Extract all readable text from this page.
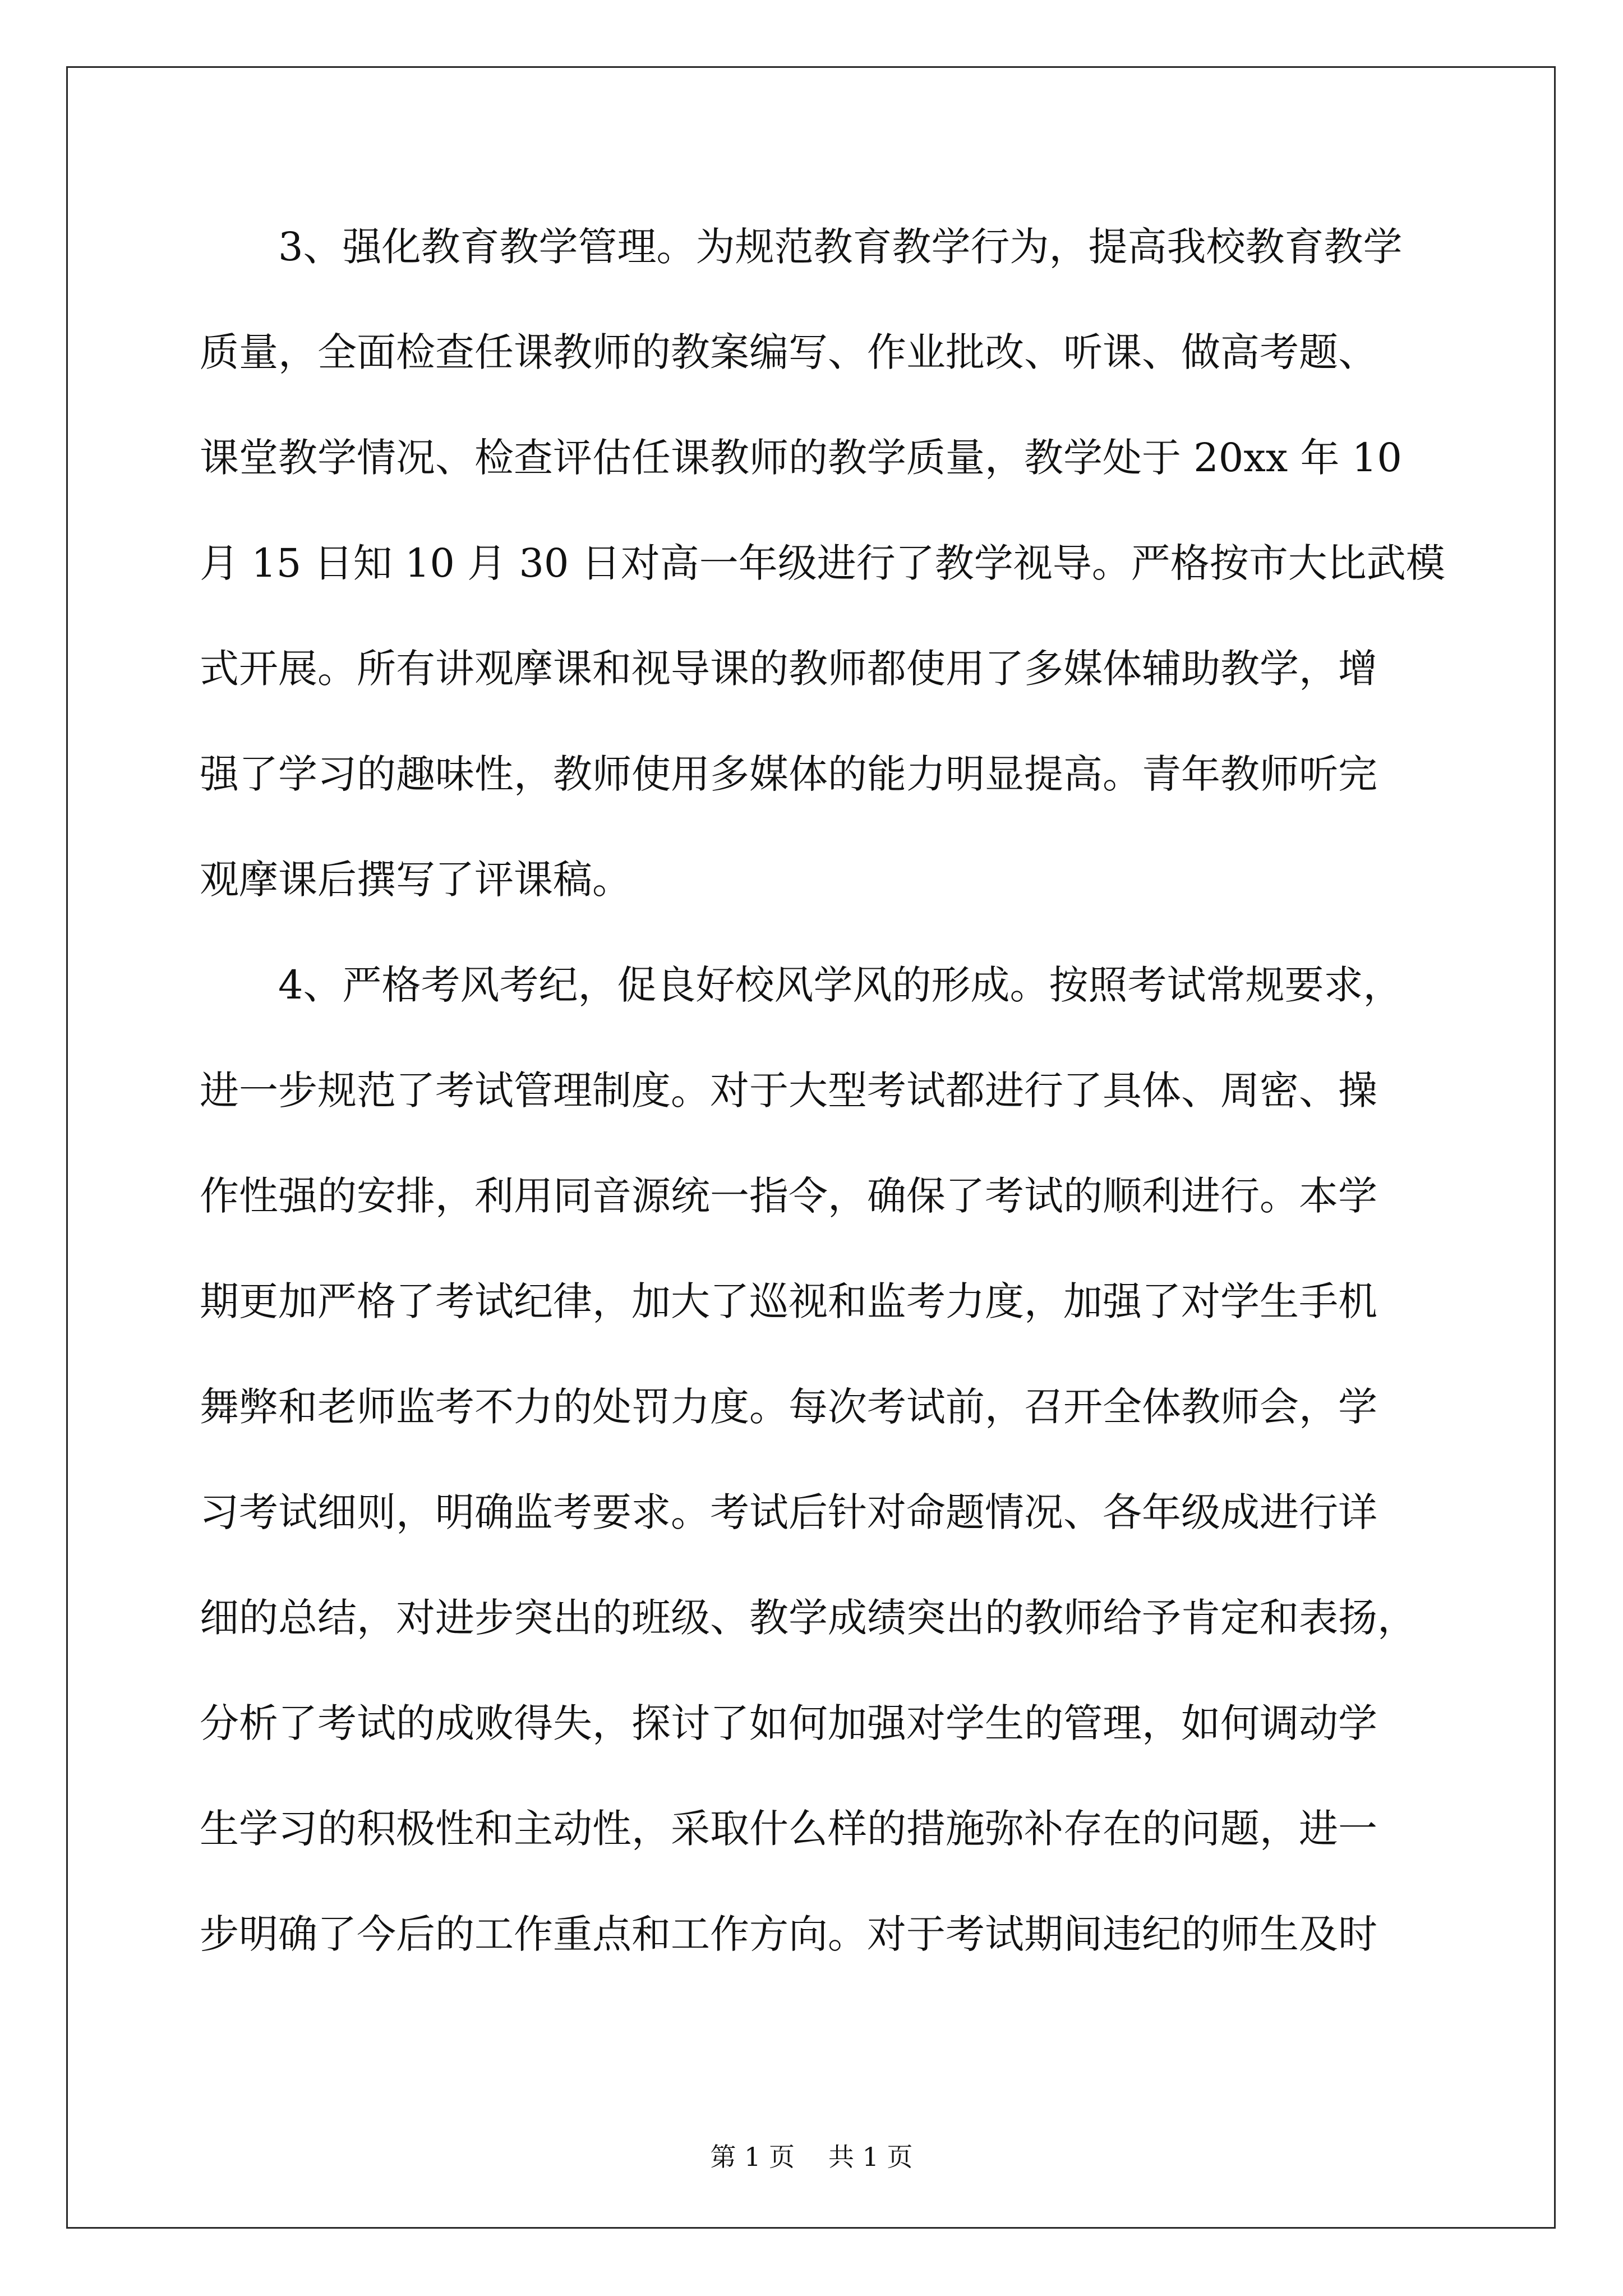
3、强化教育教学管理。为规范教育教学行为，提高我校教育教学
质量，全面检查任课教师的教案编写、作业批改、听课、做高考题、
课堂教学情况、检查评估任课教师的教学质量，教学处于 20xx 年 10
月 15 日知 10 月 30 日对高一年级进行了教学视导。严格按市大比武模
式开展。所有讲观摩课和视导课的教师都使用了多媒体辅助教学，增
强了学习的趣味性，教师使用多媒体的能力明显提高。青年教师听完
观摩课后撰写了评课稿。
4、严格考风考纪，促良好校风学风的形成。按照考试常规要求，
进一步规范了考试管理制度。对于大型考试都进行了具体、周密、操
作性强的安排，利用同音源统一指令，确保了考试的顺利进行。本学
期更加严格了考试纪律，加大了巡视和监考力度，加强了对学生手机
舞弊和老师监考不力的处罚力度。每次考试前，召开全体教师会，学
习考试细则，明确监考要求。考试后针对命题情况、各年级成进行详
细的总结，对进步突出的班级、教学成绩突出的教师给予肯定和表扬，
分析了考试的成败得失，探讨了如何加强对学生的管理，如何调动学
生学习的积极性和主动性，采取什么样的措施弥补存在的问题，进一
步明确了今后的工作重点和工作方向。对于考试期间违纪的师生及时
第 1 页 共 1 页
